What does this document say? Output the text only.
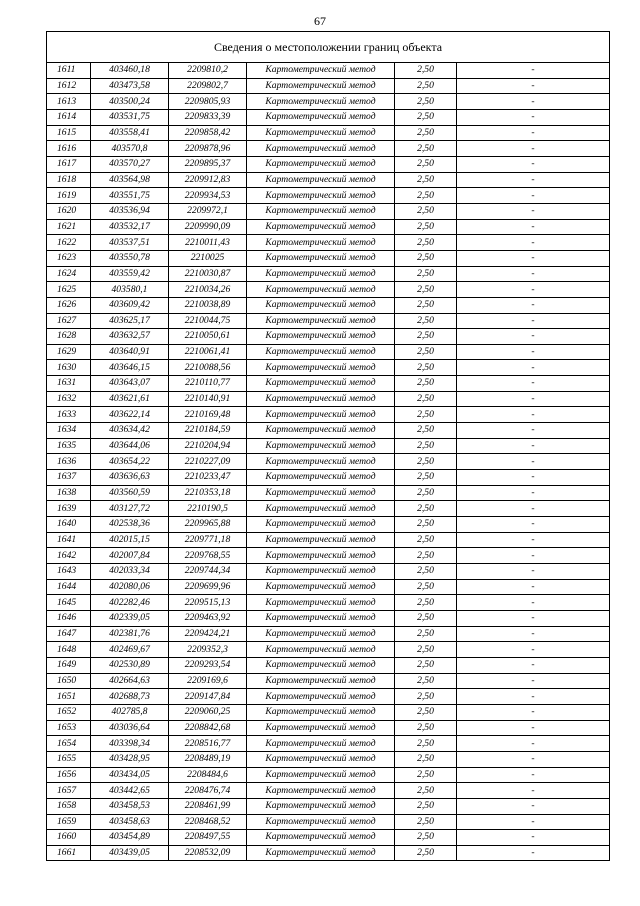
67
Сведения о местоположении границ объекта					
1611	403460,18	2209810,2	Картометрический метод	2,50	-
1612	403473,58	2209802,7	Картометрический метод	2,50	-
1613	403500,24	2209805,93	Картометрический метод	2,50	-
1614	403531,75	2209833,39	Картометрический метод	2,50	-
1615	403558,41	2209858,42	Картометрический метод	2,50	-
1616	403570,8	2209878,96	Картометрический метод	2,50	-
1617	403570,27	2209895,37	Картометрический метод	2,50	-
1618	403564,98	2209912,83	Картометрический метод	2,50	-
1619	403551,75	2209934,53	Картометрический метод	2,50	-
1620	403536,94	2209972,1	Картометрический метод	2,50	-
1621	403532,17	2209990,09	Картометрический метод	2,50	-
1622	403537,51	2210011,43	Картометрический метод	2,50	-
1623	403550,78	2210025	Картометрический метод	2,50	-
1624	403559,42	2210030,87	Картометрический метод	2,50	-
1625	403580,1	2210034,26	Картометрический метод	2,50	-
1626	403609,42	2210038,89	Картометрический метод	2,50	-
1627	403625,17	2210044,75	Картометрический метод	2,50	-
1628	403632,57	2210050,61	Картометрический метод	2,50	-
1629	403640,91	2210061,41	Картометрический метод	2,50	-
1630	403646,15	2210088,56	Картометрический метод	2,50	-
1631	403643,07	2210110,77	Картометрический метод	2,50	-
1632	403621,61	2210140,91	Картометрический метод	2,50	-
1633	403622,14	2210169,48	Картометрический метод	2,50	-
1634	403634,42	2210184,59	Картометрический метод	2,50	-
1635	403644,06	2210204,94	Картометрический метод	2,50	-
1636	403654,22	2210227,09	Картометрический метод	2,50	-
1637	403636,63	2210233,47	Картометрический метод	2,50	-
1638	403560,59	2210353,18	Картометрический метод	2,50	-
1639	403127,72	2210190,5	Картометрический метод	2,50	-
1640	402538,36	2209965,88	Картометрический метод	2,50	-
1641	402015,15	2209771,18	Картометрический метод	2,50	-
1642	402007,84	2209768,55	Картометрический метод	2,50	-
1643	402033,34	2209744,34	Картометрический метод	2,50	-
1644	402080,06	2209699,96	Картометрический метод	2,50	-
1645	402282,46	2209515,13	Картометрический метод	2,50	-
1646	402339,05	2209463,92	Картометрический метод	2,50	-
1647	402381,76	2209424,21	Картометрический метод	2,50	-
1648	402469,67	2209352,3	Картометрический метод	2,50	-
1649	402530,89	2209293,54	Картометрический метод	2,50	-
1650	402664,63	2209169,6	Картометрический метод	2,50	-
1651	402688,73	2209147,84	Картометрический метод	2,50	-
1652	402785,8	2209060,25	Картометрический метод	2,50	-
1653	403036,64	2208842,68	Картометрический метод	2,50	-
1654	403398,34	2208516,77	Картометрический метод	2,50	-
1655	403428,95	2208489,19	Картометрический метод	2,50	-
1656	403434,05	2208484,6	Картометрический метод	2,50	-
1657	403442,65	2208476,74	Картометрический метод	2,50	-
1658	403458,53	2208461,99	Картометрический метод	2,50	-
1659	403458,63	2208468,52	Картометрический метод	2,50	-
1660	403454,89	2208497,55	Картометрический метод	2,50	-
1661	403439,05	2208532,09	Картометрический метод	2,50	-
